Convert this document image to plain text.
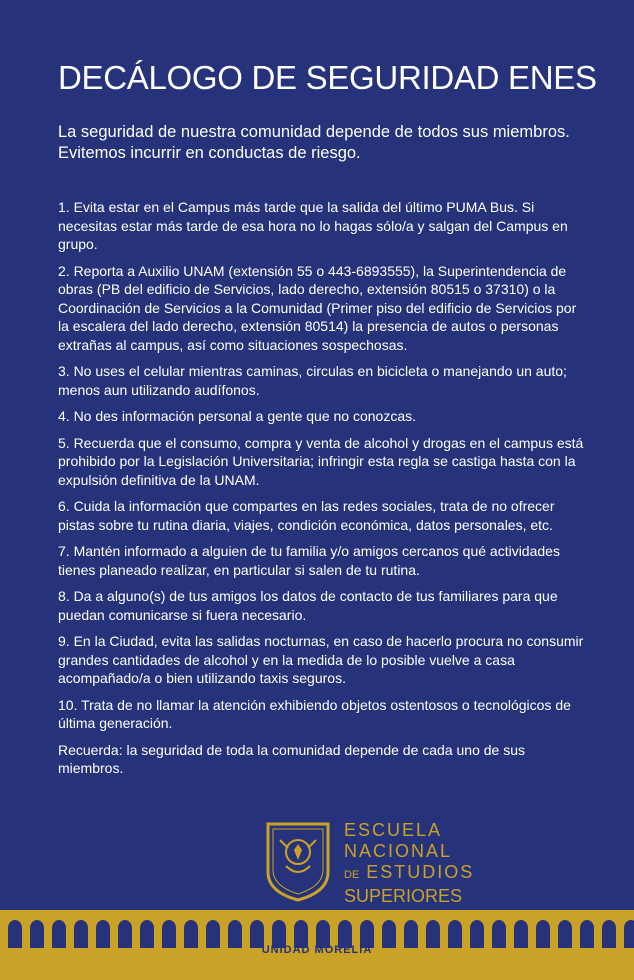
DECÁLOGO DE SEGURIDAD ENES
La seguridad de nuestra comunidad depende de todos sus miembros. Evitemos incurrir en conductas de riesgo.

1. Evita estar en el Campus más tarde que la salida del último PUMA Bus. Si necesitas estar más tarde de esa hora no lo hagas sólo/a y salgan del Campus en grupo.

2. Reporta a Auxilio UNAM (extensión 55 o 443-6893555), la Superintendencia de obras (PB del edificio de Servicios, lado derecho, extensión 80515 o 37310) o la Coordinación de Servicios a la Comunidad (Primer piso del edificio de Servicios por la escalera del lado derecho, extensión 80514) la presencia de autos o personas extrañas al campus, así como situaciones sospechosas.

3. No uses el celular mientras caminas, circulas en bicicleta o manejando un auto; menos aun utilizando audífonos.

4. No des información personal a gente que no conozcas.

5. Recuerda que el consumo, compra y venta de alcohol y drogas en el campus está prohibido por la Legislación Universitaria; infringir esta regla se castiga hasta con la expulsión definitiva de la UNAM.

6. Cuida la información que compartes en las redes sociales, trata de no ofrecer pistas sobre tu rutina diaria, viajes, condición económica, datos personales, etc.

7. Mantén informado a alguien de tu familia y/o amigos cercanos qué actividades tienes planeado realizar, en particular si salen de tu rutina.

8. Da a alguno(s) de tus amigos los datos de contacto de tus familiares para que puedan comunicarse si fuera necesario.

9. En la Ciudad, evita las salidas nocturnas, en caso de hacerlo procura no consumir grandes cantidades de alcohol y en la medida de lo posible vuelve a casa acompañado/a o bien utilizando taxis seguros.

10. Trata de no llamar la atención exhibiendo objetos ostentosos o tecnológicos de última generación.

Recuerda: la seguridad de toda la comunidad depende de cada uno de sus miembros.

ESCUELA
NACIONAL
DE ESTUDIOS
SUPERIORES
UNIDAD MORELIA
